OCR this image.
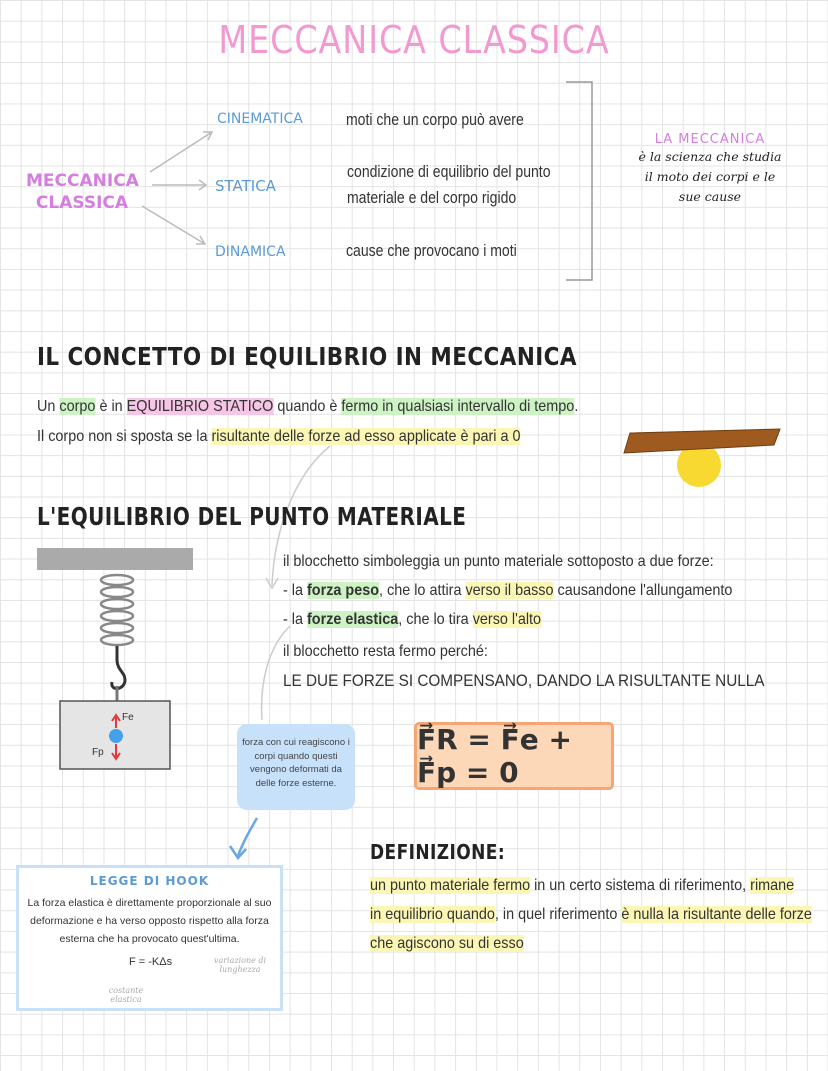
MECCANICA CLASSICA
MECCANICA
CLASSICA
CINEMATICA
STATICA
DINAMICA
moti che un corpo può avere
condizione di equilibrio del punto
materiale e del corpo rigido
cause che provocano i moti
LA MECCANICA
è la scienza che studia
il moto dei corpi e le
sue cause
IL CONCETTO DI EQUILIBRIO IN MECCANICA
Un corpo è in EQUILIBRIO STATICO quando è fermo in qualsiasi intervallo di tempo.
Il corpo non si sposta se la risultante delle forze ad esso applicate è pari a 0
L'EQUILIBRIO DEL PUNTO MATERIALE
Fe
Fp
il blocchetto simboleggia un punto materiale sottoposto a due forze:
- la forza peso, che lo attira verso il basso causandone l'allungamento
- la forze elastica, che lo tira verso l'alto
il blocchetto resta fermo perché:
LE DUE FORZE SI COMPENSANO, DANDO LA RISULTANTE NULLA
forza con cui reagiscono i corpi quando questi vengono deformati da delle forze esterne.
F⃗R = F⃗e + F⃗p = 0
LEGGE DI HOOK
La forza elastica è direttamente proporzionale al suo deformazione e ha verso opposto rispetto alla forza esterna che ha provocato quest'ultima.
F = -KΔs	variazione di lunghezza
costante elastica
DEFINIZIONE:
un punto materiale fermo in un certo sistema di riferimento, rimane
in equilibrio quando, in quel riferimento è nulla la risultante delle forze
che agiscono su di esso
